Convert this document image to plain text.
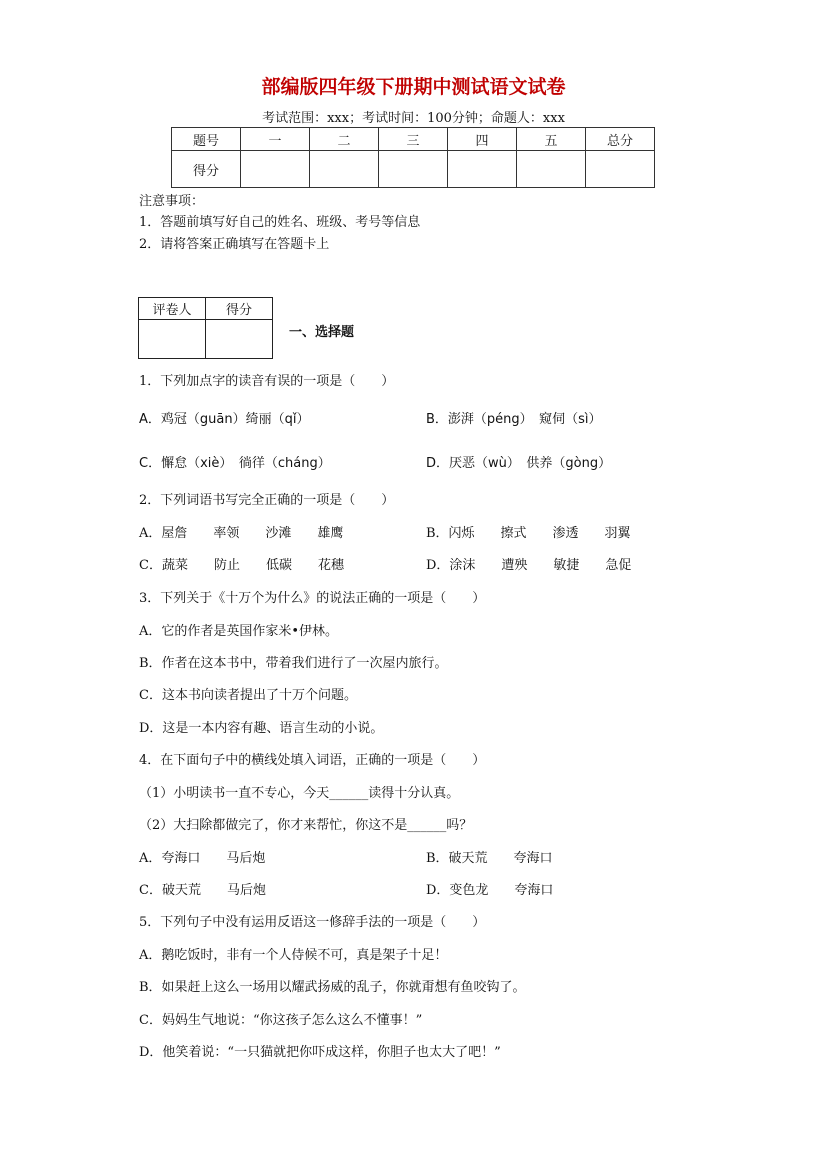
部编版四年级下册期中测试语文试卷
考试范围：xxx；考试时间：100分钟；命题人：xxx
题号	一	二	三	四	五	总分
得分						
注意事项：
1．答题前填写好自己的姓名、班级、考号等信息
2．请将答案正确填写在答题卡上
评卷人	得分

一、选择题
1．下列加点字的读音有误的一项是（　　）
A．鸡冠（guān）绮丽（qǐ）	B．澎湃（péng）　窥伺（sì）
C．懈怠（xiè）　徜徉（cháng）	D．厌恶（wù）　供养（gòng）
2．下列词语书写完全正确的一项是（　　）
A．屋詹　　率领　　沙滩　　雄鹰	B．闪烁　　擦式　　渗透　　羽翼
C．蔬菜　　防止　　低碳　　花穗	D．涂沫　　遭殃　　敏捷　　急促
3．下列关于《十万个为什么》的说法正确的一项是（　　）
A．它的作者是英国作家米•伊林。
B．作者在这本书中，带着我们进行了一次屋内旅行。
C．这本书向读者提出了十万个问题。
D．这是一本内容有趣、语言生动的小说。
4．在下面句子中的横线处填入词语，正确的一项是（　　）
（1）小明读书一直不专心，今天______读得十分认真。
（2）大扫除都做完了，你才来帮忙，你这不是______吗？
A．夸海口　　马后炮	B．破天荒　　夸海口
C．破天荒　　马后炮	D．变色龙　　夸海口
5．下列句子中没有运用反语这一修辞手法的一项是（　　）
A．鹅吃饭时，非有一个人侍候不可，真是架子十足！
B．如果赶上这么一场用以耀武扬威的乱子，你就甭想有鱼咬钩了。
C．妈妈生气地说：“你这孩子怎么这么不懂事！”
D．他笑着说：“一只猫就把你吓成这样，你胆子也太大了吧！”
